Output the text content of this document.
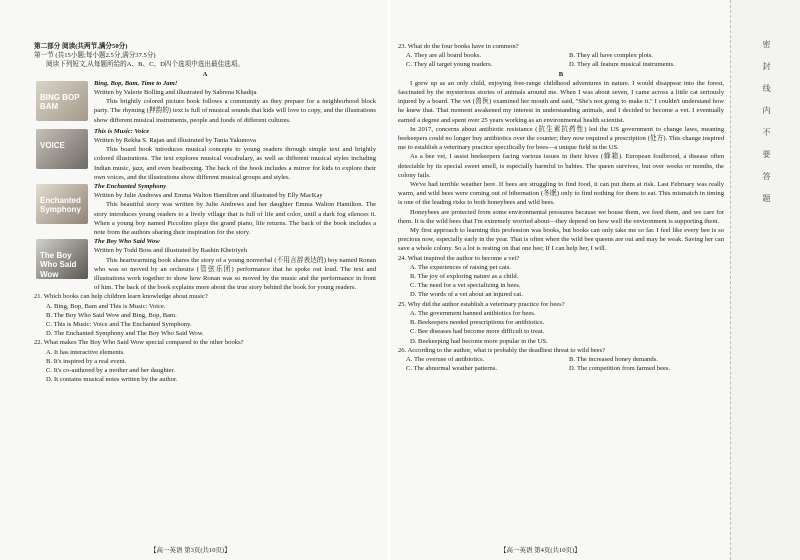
第二部分 阅读(共两节,满分50分)

第一节 (共15小题;每小题2.5分,满分37.5分)

阅读下列短文,从每题所给的A、B、C、D四个选项中选出最佳选项。

A

BING BOP BAM

Bing, Bop, Bam, Time to Jam!

Written by Valerie Bolling and illustrated by Sabrena Khadija

This brightly colored picture book follows a community as they prepare for a neighborhood block party. The rhyming (押韵的) text is full of musical sounds that kids will love to copy, and the illustrations show different musical instruments, people and foods of different cultures.

VOICE

This is Music: Voice

Written by Rekha S. Rajan and illustrated by Tania Yakunova

This board book introduces musical concepts to young readers through simple text and brightly colored illustrations. The text explores musical vocabulary, as well as different musical styles including Indian music, jazz, and even beatboxing. The back of the book includes a mirror for kids to explore their own voices, and the illustrations show different musical groups and styles.

Enchanted Symphony

The Enchanted Symphony

Written by Julie Andrews and Emma Walton Hamilton and illustrated by Elly MacKay

This beautiful story was written by Julie Andrews and her daughter Emma Walton Hamilton. The story introduces young readers to a lively village that is full of life and color, until a dark fog silences it. When a young boy named Piccolino plays the grand piano, life returns. The back of the book includes a note from the authors sharing their inspiration for the story.

The Boy Who Said Wow

The Boy Who Said Wow

Written by Todd Boss and illustrated by Rashin Kheiriyeh

This heartwarming book shares the story of a young nonverbal (不用言辞表达的) boy named Ronan who was so moved by an orchestra (管弦乐团) performance that he spoke out loud. The text and illustrations work together to show how Ronan was so moved by the music and the performance in front of him. The back of the book explains more about the true story behind the book for young readers.

21. Which books can help children learn knowledge about music?

A. Bing, Bop, Bam and This is Music: Voice.

B. The Boy Who Said Wow and Bing, Bop, Bam.

C. This is Music: Voice and The Enchanted Symphony.

D. The Enchanted Symphony and The Boy Who Said Wow.

22. What makes The Boy Who Said Wow special compared to the other books?

A. It has interactive elements.

B. It's inspired by a real event.

C. It's co-authored by a mother and her daughter.

D. It contains musical notes written by the author.

【高一英语 第3页(共10页)】

23. What do the four books have in common?

A. They are all board books.	B. They all have complex plots.

C. They all target young readers.	D. They all feature musical instruments.

B

I grew up as an only child, enjoying free-range childhood adventures in nature. I would disappear into the forest, fascinated by the mysterious stories of animals around me. When I was about seven, I came across a little cat seriously injured by a board. The vet (兽医) examined her mouth and said, "She's not going to make it." I couldn't understand how he knew that. That moment awakened my interest in understanding animals, and I decided to become a vet. I eventually earned a degree and spent over 25 years working as an environmental health scientist.

In 2017, concerns about antibiotic resistance (抗生素抗药性) led the US government to change laws, meaning beekeepers could no longer buy antibiotics over the counter; they now required a prescription (处方). This change inspired me to establish a veterinary practice specifically for bees—a unique field in the US.

As a bee vet, I assist beekeepers facing various issues in their hives (蜂箱). European foulbrood, a disease often detectable by its special sweet smell, is especially harmful to babies. The queen survives, but over weeks or months, the colony fails.

We've had terrible weather here. If bees are struggling to find food, it can put them at risk. Last February was really warm, and wild bees were coming out of hibernation (冬眠) only to find nothing for them to eat. This mismatch in timing is one of the leading risks to both honeybees and wild bees.

Honeybees are protected from some environmental pressures because we house them, we feed them, and we care for them. It is the wild bees that I'm extremely worried about—they depend on how well the environment is supporting them.

My first approach to learning this profession was books, but books can only take me so far. I feel like every bee is so precious now, especially early in the year. That is often when the wild bee queens are out and may be weak. Saving her can save a whole colony. So a lot is resting on that one bee; If I can help her, I will.

24. What inspired the author to become a vet?

A. The experiences of raising pet cats.

B. The joy of exploring nature as a child.

C. The need for a vet specializing in bees.

D. The words of a vet about an injured cat.

25. Why did the author establish a veterinary practice for bees?

A. The government banned antibiotics for bees.

B. Beekeepers needed prescriptions for antibiotics.

C. Bee diseases had become more difficult to treat.

D. Beekeeping had become more popular in the US.

26. According to the author, what is probably the deadliest threat to wild bees?

A. The overuse of antibiotics.	B. The increased honey demands.

C. The abnormal weather patterns.	D. The competition from farmed bees.

【高一英语 第4页(共10页)】
密封线内不要答题
